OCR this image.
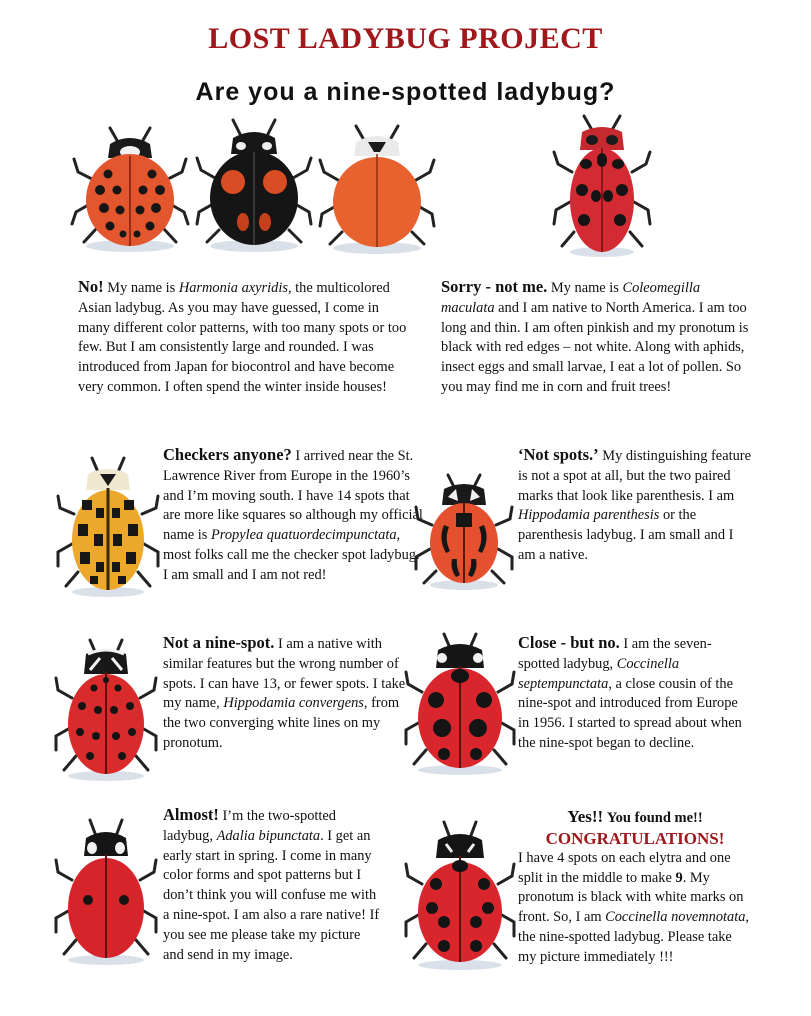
LOST LADYBUG PROJECT
Are you a nine-spotted ladybug?
No! My name is Harmonia axyridis, the multicolored Asian ladybug. As you may have guessed, I come in many different color patterns, with too many spots or too few. But I am consistently large and rounded. I was introduced from Japan for biocontrol and have become very common. I often spend the winter inside houses!
Sorry - not me. My name is Coleomegilla maculata and I am native to North America. I am too long and thin. I am often pinkish and my pronotum is black with red edges – not white. Along with aphids, insect eggs and small larvae, I eat a lot of pollen. So you may find me in corn and fruit trees!
Checkers anyone? I arrived near the St. Lawrence River from Europe in the 1960’s and I’m moving south. I have 14 spots that are more like squares so although my official name is Propylea quatuordecimpunctata, most folks call me the checker spot ladybug. I am small and I am not red!
‘Not spots.’ My distinguishing feature is not a spot at all, but the two paired marks that look like parenthesis. I am Hippodamia parenthesis or the parenthesis ladybug. I am small and I am a native.
Not a nine-spot. I am a native with similar features but the wrong number of spots. I can have 13, or fewer spots. I take my name, Hippodamia convergens, from the two converging white lines on my pronotum.
Close - but no. I am the seven-spotted ladybug, Coccinella septempunctata, a close cousin of the nine-spot and introduced from Europe in 1956. I started to spread about when the nine-spot began to decline.
Almost! I’m the two-spotted ladybug, Adalia bipunctata. I get an early start in spring. I come in many color forms and spot patterns but I don’t think you will confuse me with a nine-spot. I am also a rare native! If you see me please take my picture and send in my image.
Yes!! You found me!!
CONGRATULATIONS!
I have 4 spots on each elytra and one split in the middle to make 9. My pronotum is black with white marks on front. So, I am Coccinella novemnotata, the nine-spotted ladybug. Please take my picture immediately !!!
